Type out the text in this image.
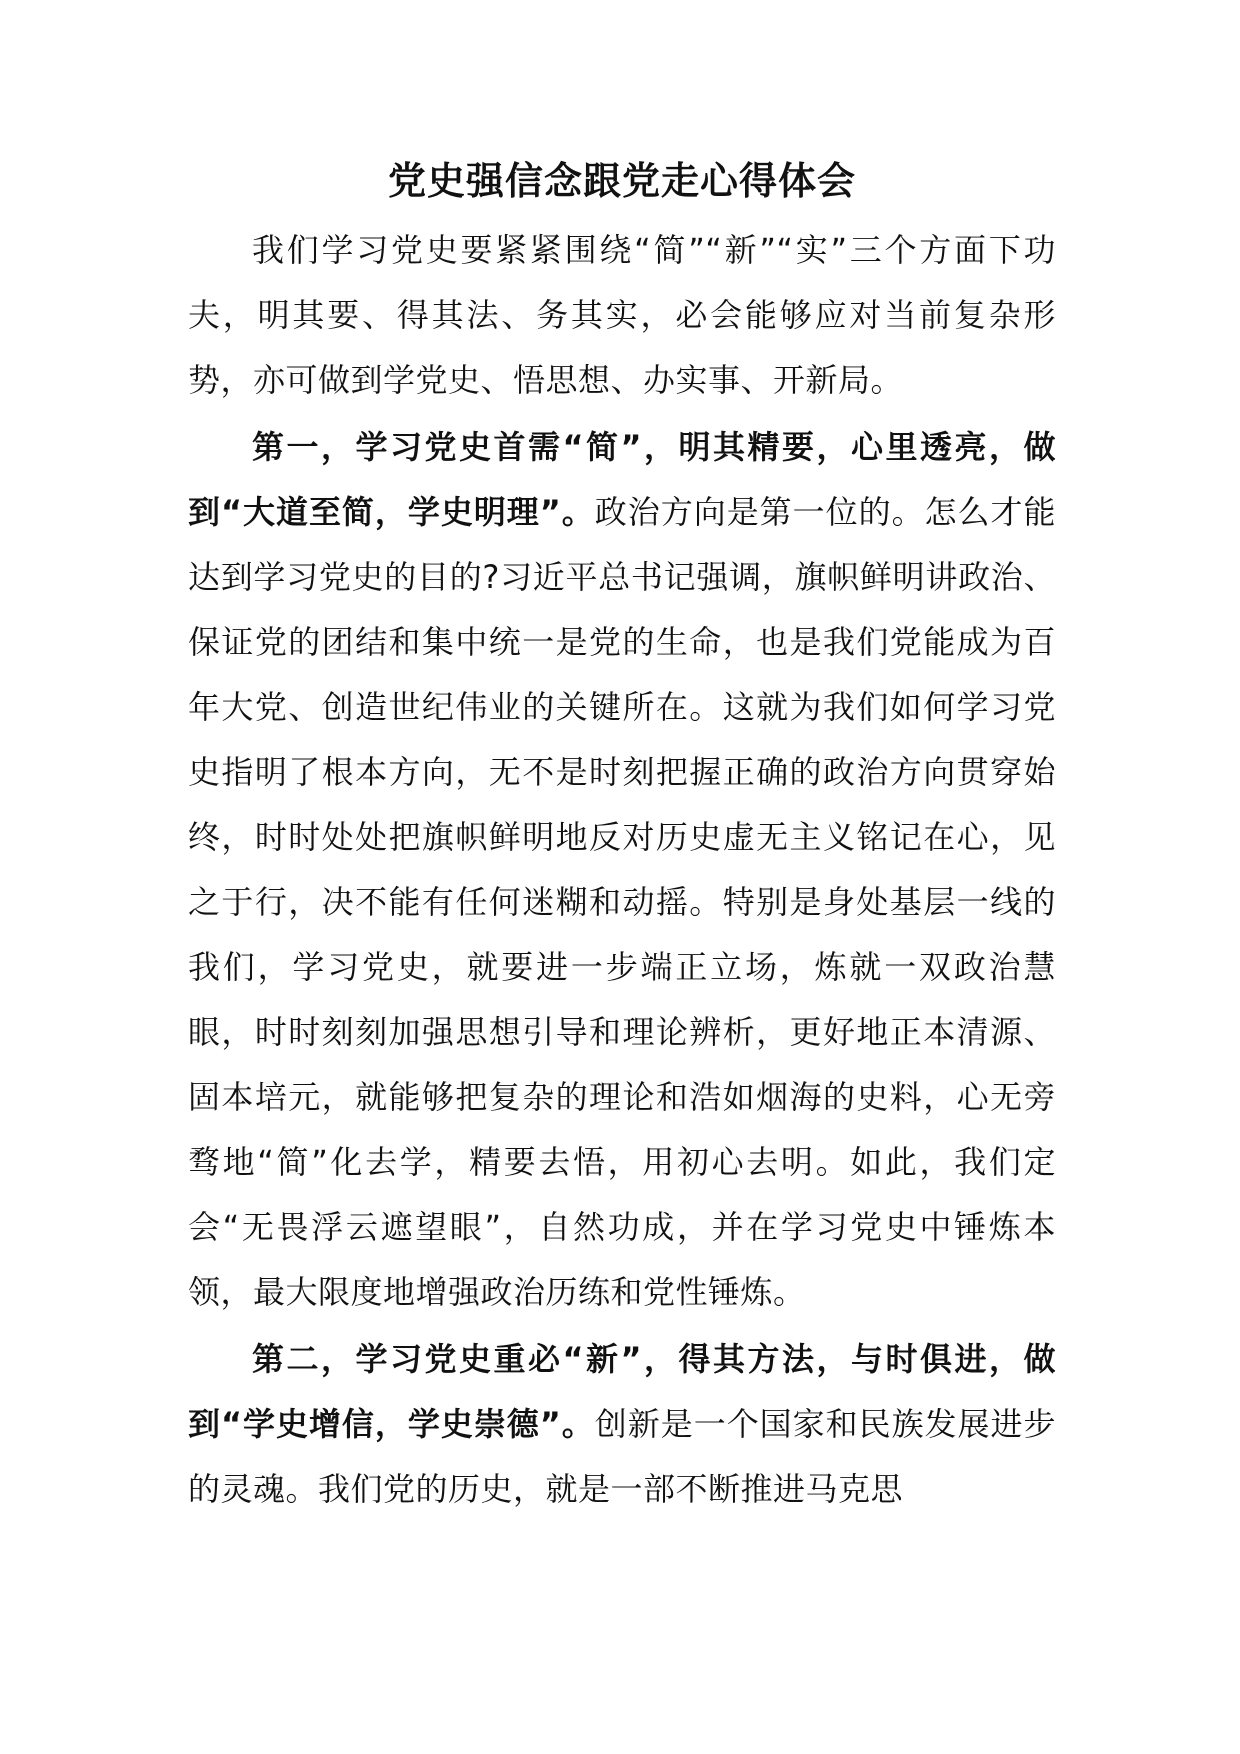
党史强信念跟党走心得体会

我们学习党史要紧紧围绕“简”“新”“实”三个方面下功夫，明其要、得其法、务其实，必会能够应对当前复杂形势，亦可做到学党史、悟思想、办实事、开新局。

第一，学习党史首需“简”，明其精要，心里透亮，做到“大道至简，学史明理”。政治方向是第一位的。怎么才能达到学习党史的目的?习近平总书记强调，旗帜鲜明讲政治、保证党的团结和集中统一是党的生命，也是我们党能成为百年大党、创造世纪伟业的关键所在。这就为我们如何学习党史指明了根本方向，无不是时刻把握正确的政治方向贯穿始终，时时处处把旗帜鲜明地反对历史虚无主义铭记在心，见之于行，决不能有任何迷糊和动摇。特别是身处基层一线的我们，学习党史，就要进一步端正立场，炼就一双政治慧眼，时时刻刻加强思想引导和理论辨析，更好地正本清源、固本培元，就能够把复杂的理论和浩如烟海的史料，心无旁骛地“简”化去学，精要去悟，用初心去明。如此，我们定会“无畏浮云遮望眼”，自然功成，并在学习党史中锤炼本领，最大限度地增强政治历练和党性锤炼。

第二，学习党史重必“新”，得其方法，与时俱进，做到“学史增信，学史崇德”。创新是一个国家和民族发展进步的灵魂。我们党的历史，就是一部不断推进马克思
